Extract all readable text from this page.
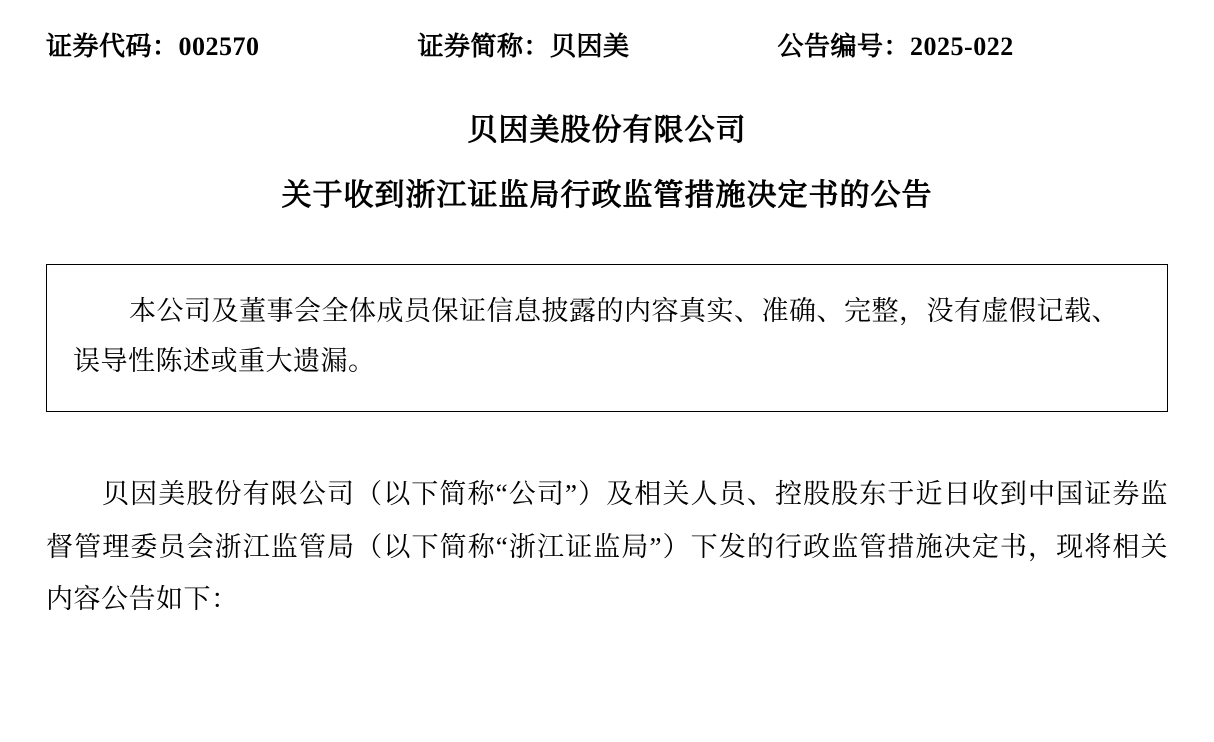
证券代码：002570	证券简称：贝因美	公告编号：2025-022
贝因美股份有限公司
关于收到浙江证监局行政监管措施决定书的公告
本公司及董事会全体成员保证信息披露的内容真实、准确、完整，没有虚假记载、误导性陈述或重大遗漏。

贝因美股份有限公司（以下简称“公司”）及相关人员、控股股东于近日收到中国证券监督管理委员会浙江监管局（以下简称“浙江证监局”）下发的行政监管措施决定书，现将相关内容公告如下：
